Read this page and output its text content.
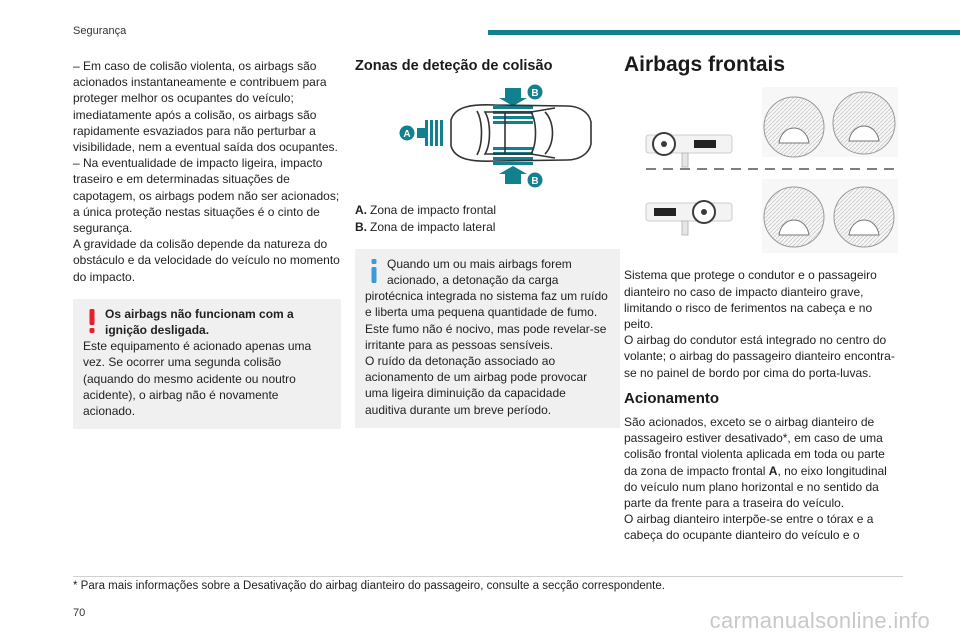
Segurança

– Em caso de colisão violenta, os airbags são acionados instantaneamente e contribuem para proteger melhor os ocupantes do veículo; imediatamente após a colisão, os airbags são rapidamente esvaziados para não perturbar a visibilidade, nem a eventual saída dos ocupantes.

– Na eventualidade de impacto ligeira, impacto traseiro e em determinadas situações de capotagem, os airbags podem não ser acionados; a única proteção nestas situações é o cinto de segurança.

A gravidade da colisão depende da natureza do obstáculo e da velocidade do veículo no momento do impacto.

Os airbags não funcionam com a ignição desligada.

Este equipamento é acionado apenas uma vez. Se ocorrer uma segunda colisão (aquando do mesmo acidente ou noutro acidente), o airbag não é novamente acionado.

Zonas de deteção de colisão
A
B
B
A. Zona de impacto frontal
B. Zona de impacto lateral

Quando um ou mais airbags forem acionado, a detonação da carga

pirotécnica integrada no sistema faz um ruído e liberta uma pequena quantidade de fumo.

Este fumo não é nocivo, mas pode revelar-se irritante para as pessoas sensíveis.

O ruído da detonação associado ao acionamento de um airbag pode provocar uma ligeira diminuição da capacidade auditiva durante um breve período.

Airbags frontais

Sistema que protege o condutor e o passageiro dianteiro no caso de impacto dianteiro grave, limitando o risco de ferimentos na cabeça e no peito.

O airbag do condutor está integrado no centro do volante; o airbag do passageiro dianteiro encontra-se no painel de bordo por cima do porta-luvas.

Acionamento

São acionados, exceto se o airbag dianteiro de passageiro estiver desativado*, em caso de uma colisão frontal violenta aplicada em toda ou parte da zona de impacto frontal A, no eixo longitudinal do veículo num plano horizontal e no sentido da parte da frente para a traseira do veículo.

O airbag dianteiro interpõe-se entre o tórax e a cabeça do ocupante dianteiro do veículo e o

* Para mais informações sobre a Desativação do airbag dianteiro do passageiro, consulte a secção correspondente.
70	carmanualsonline.info
